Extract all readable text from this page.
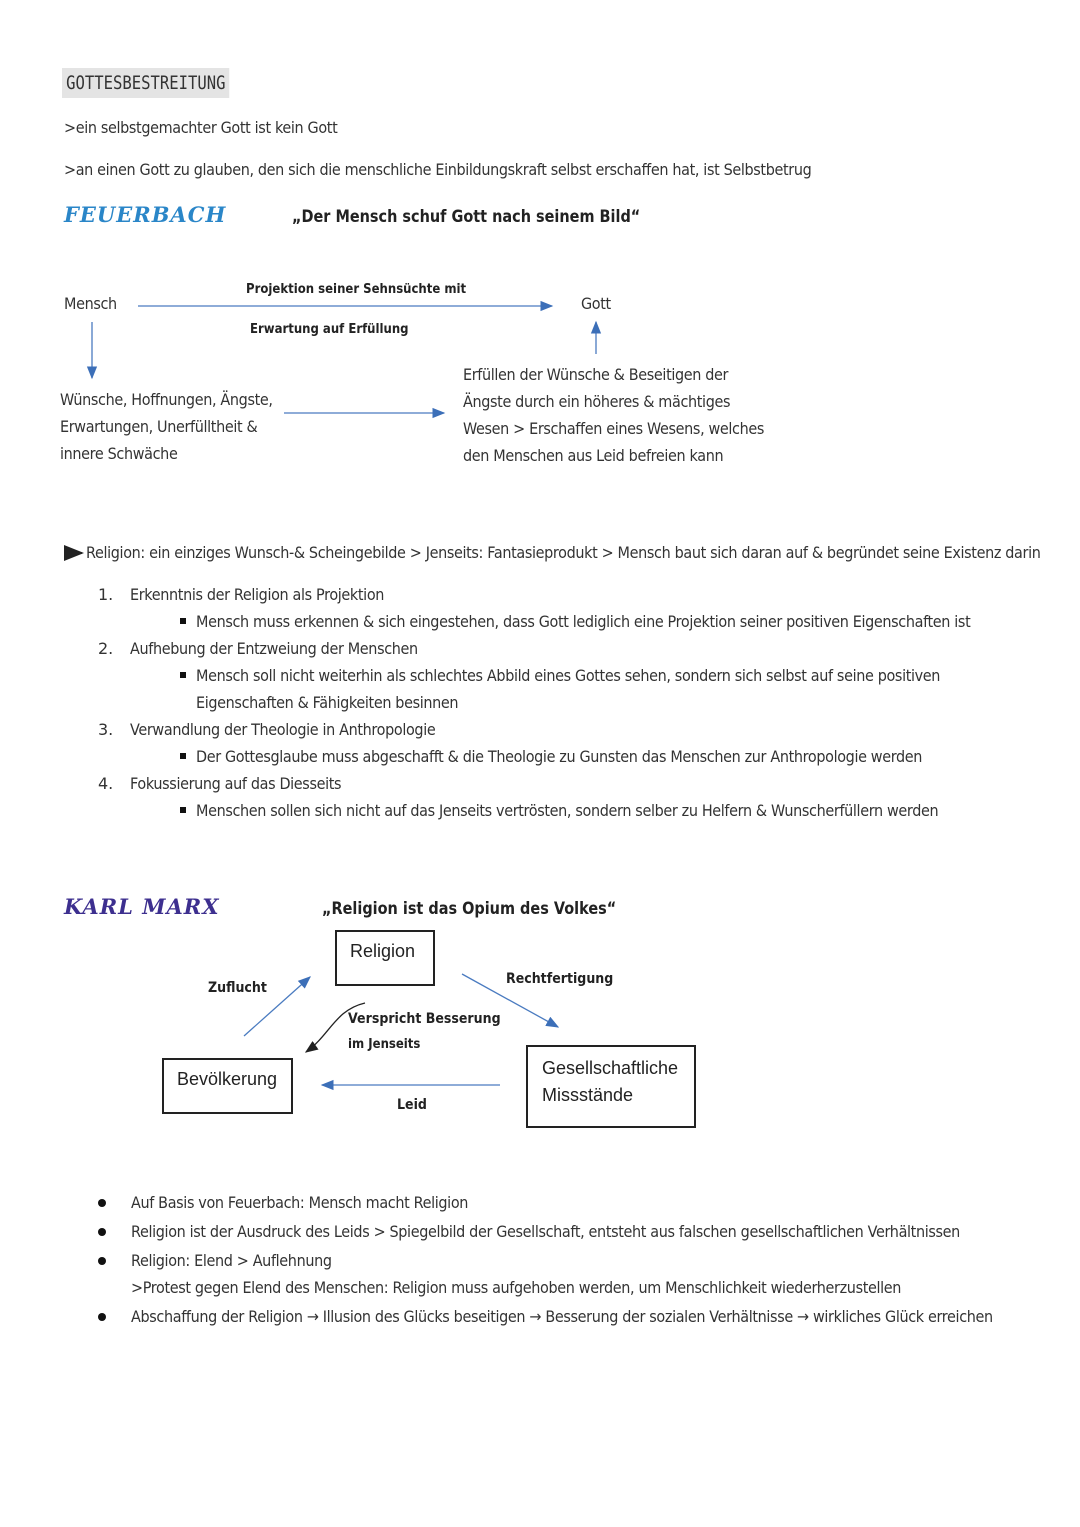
GOTTESBESTREITUNG
>ein selbstgemachter Gott ist kein Gott
>an einen Gott zu glauben, den sich die menschliche Einbildungskraft selbst erschaffen hat, ist Selbstbetrug
FEUERBACH	„Der Mensch schuf Gott nach seinem Bild“
Mensch	Gott
Projektion seiner Sehnsüchte mit
Erwartung auf Erfüllung
Wünsche, Hoffnungen, Ängste,
Erwartungen, Unerfülltheit &
innere Schwäche
Erfüllen der Wünsche & Beseitigen der
Ängste durch ein höheres & mächtiges
Wesen > Erschaffen eines Wesens, welches
den Menschen aus Leid befreien kann
Religion: ein einziges Wunsch-& Scheingebilde > Jenseits: Fantasieprodukt > Mensch baut sich daran auf & begründet seine Existenz darin
1. Erkenntnis der Religion als Projektion
Mensch muss erkennen & sich eingestehen, dass Gott lediglich eine Projektion seiner positiven Eigenschaften ist
2. Aufhebung der Entzweiung der Menschen
Mensch soll nicht weiterhin als schlechtes Abbild eines Gottes sehen, sondern sich selbst auf seine positiven
Eigenschaften & Fähigkeiten besinnen
3. Verwandlung der Theologie in Anthropologie
Der Gottesglaube muss abgeschafft & die Theologie zu Gunsten das Menschen zur Anthropologie werden
4. Fokussierung auf das Diesseits
Menschen sollen sich nicht auf das Jenseits vertrösten, sondern selber zu Helfern & Wunscherfüllern werden
KARL MARX	„Religion ist das Opium des Volkes“
Religion
Bevölkerung
Gesellschaftliche
Missstände
Zuflucht
Rechtfertigung
Verspricht Besserung
im Jenseits
Leid
Auf Basis von Feuerbach: Mensch macht Religion
Religion ist der Ausdruck des Leids > Spiegelbild der Gesellschaft, entsteht aus falschen gesellschaftlichen Verhältnissen
Religion: Elend > Auflehnung
>Protest gegen Elend des Menschen: Religion muss aufgehoben werden, um Menschlichkeit wiederherzustellen
Abschaffung der Religion → Illusion des Glücks beseitigen → Besserung der sozialen Verhältnisse → wirkliches Glück erreichen
